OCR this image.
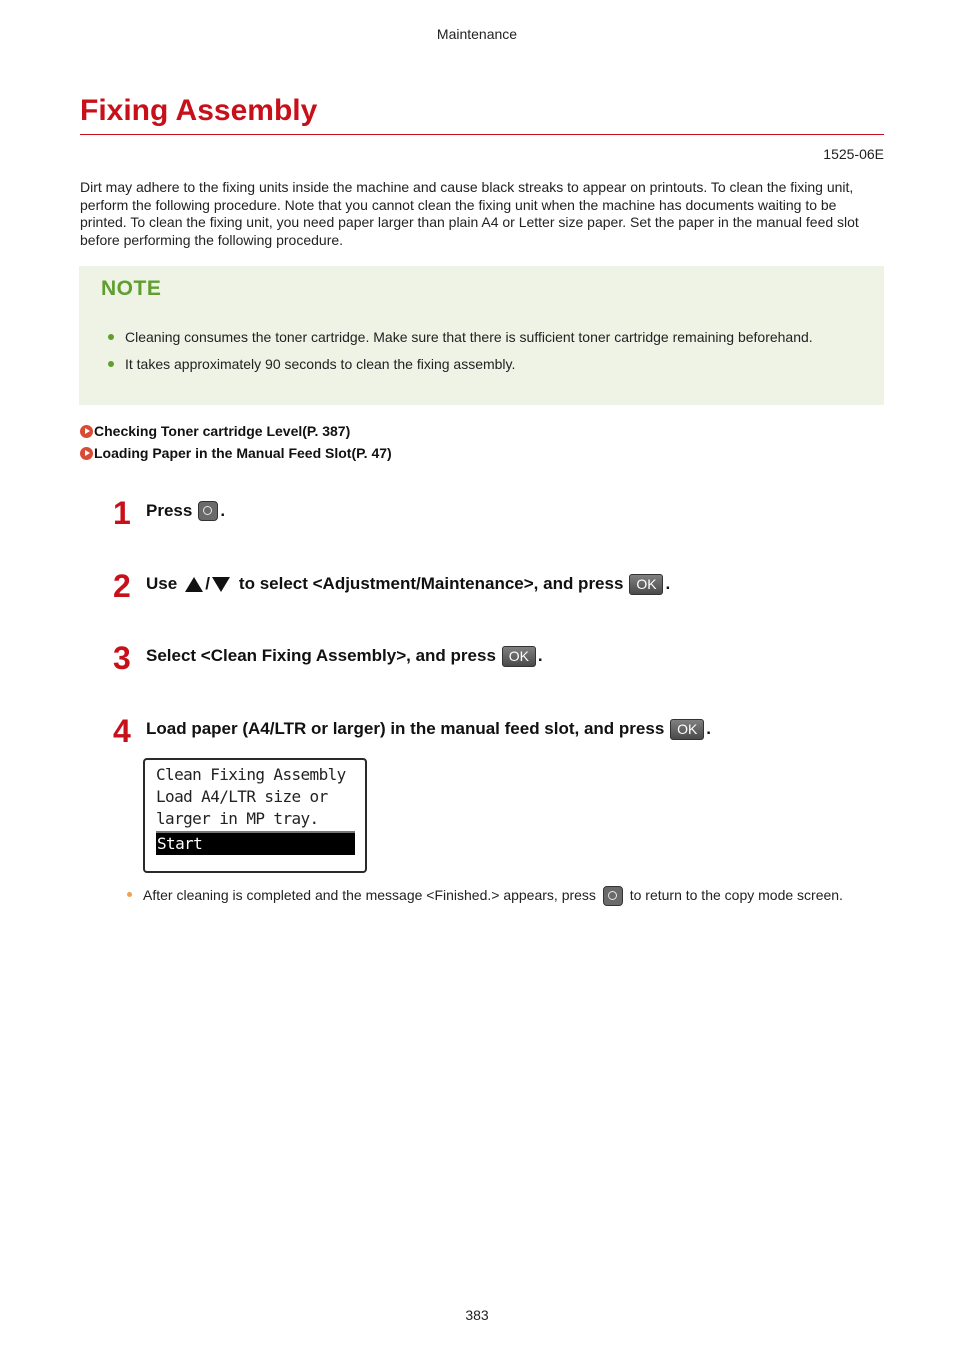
Maintenance
Fixing Assembly
1525-06E

Dirt may adhere to the fixing units inside the machine and cause black streaks to appear on printouts. To clean the fixing unit, perform the following procedure. Note that you cannot clean the fixing unit when the machine has documents waiting to be printed. To clean the fixing unit, you need paper larger than plain A4 or Letter size paper. Set the paper in the manual feed slot before performing the following procedure.

NOTE
Cleaning consumes the toner cartridge. Make sure that there is sufficient toner cartridge remaining beforehand.
It takes approximately 90 seconds to clean the fixing assembly.
Checking Toner cartridge Level(P. 387)
Loading Paper in the Manual Feed Slot(P. 47)
1 Press .
2 Use / to select <Adjustment/Maintenance>, and press OK .
3 Select <Clean Fixing Assembly>, and press OK .
4 Load paper (A4/LTR or larger) in the manual feed slot, and press OK .
Clean Fixing Assembly
Load A4/LTR size or
larger in MP tray.
Start
After cleaning is completed and the message <Finished.> appears, press to return to the copy mode screen.
383
